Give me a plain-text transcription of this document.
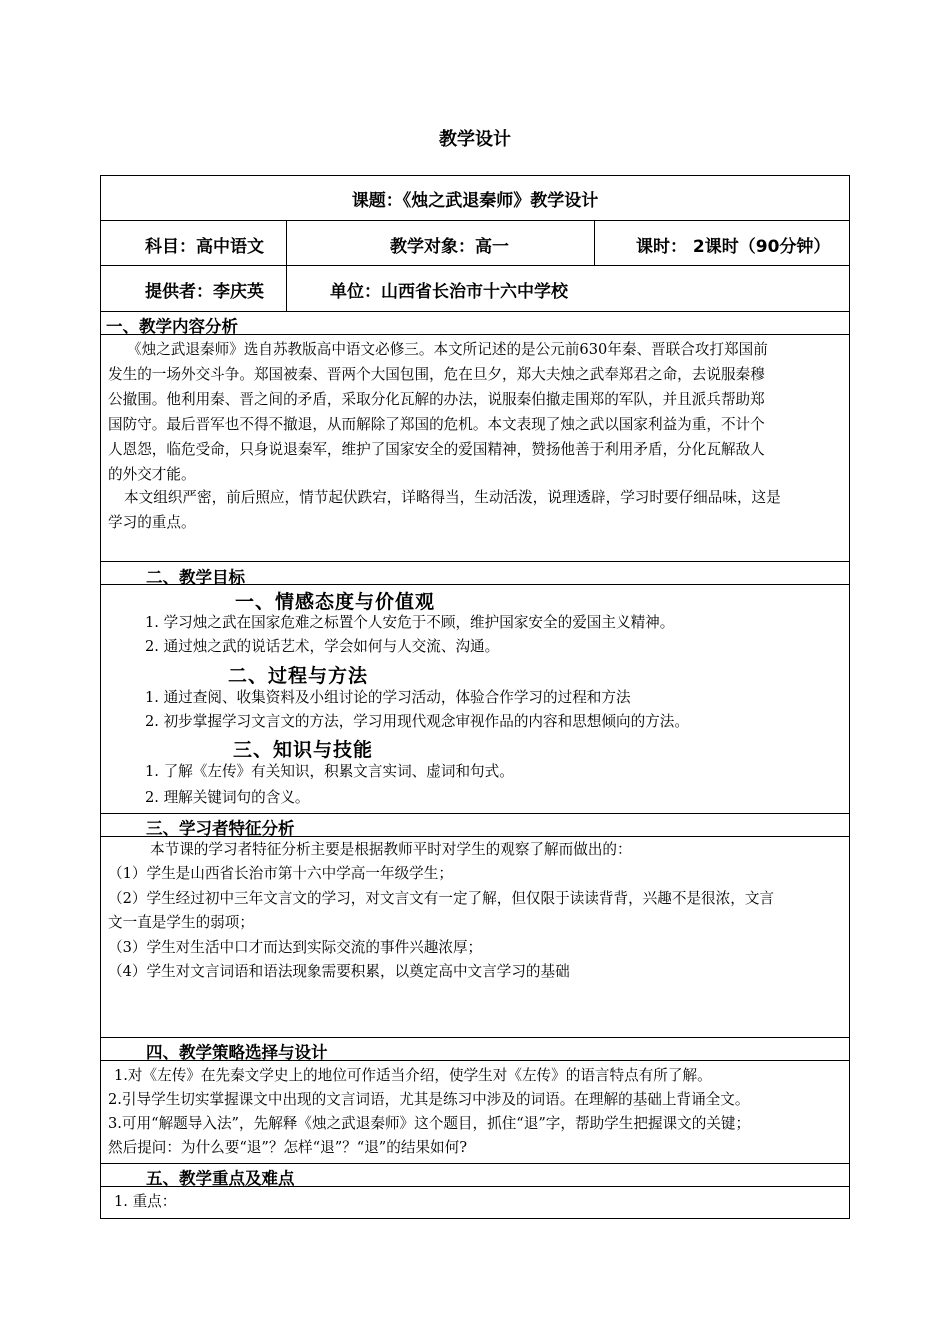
教学设计
课题：《烛之武退秦师》教学设计
科目：高中语文	教学对象：高一	课时： 2课时（90分钟）
提供者：李庆英	单位：山西省长治市十六中学校
一、教学内容分析
《烛之武退秦师》选自苏教版高中语文必修三。本文所记述的是公元前630年秦、晋联合攻打郑国前
发生的一场外交斗争。郑国被秦、晋两个大国包围，危在旦夕，郑大夫烛之武奉郑君之命，去说服秦穆
公撤围。他利用秦、晋之间的矛盾，采取分化瓦解的办法，说服秦伯撤走围郑的军队，并且派兵帮助郑
国防守。最后晋军也不得不撤退，从而解除了郑国的危机。本文表现了烛之武以国家利益为重，不计个
人恩怨，临危受命，只身说退秦军，维护了国家安全的爱国精神，赞扬他善于利用矛盾，分化瓦解敌人
的外交才能。
本文组织严密，前后照应，情节起伏跌宕，详略得当，生动活泼，说理透辟，学习时要仔细品味，这是
学习的重点。
二、教学目标
一、情感态度与价值观
1. 学习烛之武在国家危难之标置个人安危于不顾，维护国家安全的爱国主义精神。
2. 通过烛之武的说话艺术，学会如何与人交流、沟通。
二、过程与方法
1. 通过查阅、收集资料及小组讨论的学习活动，体验合作学习的过程和方法
2. 初步掌握学习文言文的方法，学习用现代观念审视作品的内容和思想倾向的方法。
三、知识与技能
1. 了解《左传》有关知识，积累文言实词、虚词和句式。
2. 理解关键词句的含义。
三、学习者特征分析
本节课的学习者特征分析主要是根据教师平时对学生的观察了解而做出的：
（1）学生是山西省长治市第十六中学高一年级学生；
（2）学生经过初中三年文言文的学习，对文言文有一定了解，但仅限于读读背背，兴趣不是很浓，文言
文一直是学生的弱项；
（3）学生对生活中口才而达到实际交流的事件兴趣浓厚；
（4）学生对文言词语和语法现象需要积累，以奠定高中文言学习的基础
四、教学策略选择与设计
1.对《左传》在先秦文学史上的地位可作适当介绍，使学生对《左传》的语言特点有所了解。
2.引导学生切实掌握课文中出现的文言词语，尤其是练习中涉及的词语。在理解的基础上背诵全文。
3.可用“解题导入法”，先解释《烛之武退秦师》这个题目，抓住“退”字，帮助学生把握课文的关键；
然后提问：为什么要“退”？怎样“退”？“退”的结果如何?
五、教学重点及难点
1. 重点：
